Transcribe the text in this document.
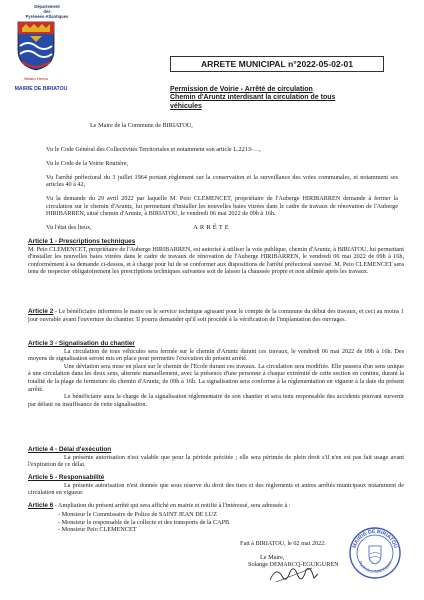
Département
des
Pyrénées-Atlantiques
Biriatu Herria
MAIRIE DE BIRIATOU
ARRETE MUNICIPAL n°2022-05-02-01
Permission de Voirie - Arrêté de circulation
Chemin d'Aruntz interdisant la circulation de tous
véhicules
Le Maire de la Commune de BIRIATOU,

Vu le Code Général des Collectivités Territoriales et notamment son article L.2213-…,

Vu le Code de la Voirie Routière,

Vu l'arrêté préfectoral du 3 juillet 1964 portant règlement sur la conservation et la surveillance des voies communales, et notamment ses articles 40 à 42,

Vu la demande du 29 avril 2022 par laquelle M. Peio CLEMENCET, propriétaire de l'Auberge HIRIBARREN demande à fermer la circulation sur le chemin d'Aruntz, lui permettant d'installer les nouvelles baies vitrées dans le cadre de travaux de rénovation de l'Auberge HIRIBARREN, situé chemin d'Aruntz, à BIRIATOU, le vendredi 06 mai 2022 de 09h à 16h.

Vu l'état des lieux,	ARRÊTE

Article 1 - Prescriptions techniques

M. Peio CLEMENCET, propriétaire de l'Auberge HIRIBARREN, est autorisé à utiliser la voie publique, chemin d'Aruntz, à BIRIATOU, lui permettant d'installer les nouvelles baies vitrées dans le cadre de travaux de rénovation de l'Auberge HIRIBARREN, le vendredi 06 mai 2022 de 09h à 16h, conformément à sa demande ci-dessus, et à charge pour lui de se conformer aux dispositions de l'arrêté préfectoral susvisé. M. Peio CLEMENCET sera tenu de respecter obligatoirement les prescriptions techniques suivantes soit de laisser la chaussée propre et non abîmée après les travaux.

Article 2 - Le bénéficiaire informera le maire ou le service technique agissant pour le compte de la commune du début des travaux, et ceci au moins 1 jour ouvrable avant l'ouverture du chantier. Il pourra demander qu'il soit procédé à la vérification de l'implantation des ouvrages.

Article 3 - Signalisation du chantier

La circulation de tous véhicules sera fermée sur le chemin d'Aruntz durant ces travaux, le vendredi 06 mai 2022 de 09h à 16h. Des moyens de signalisation seront mis en place pour permettre l'exécution du présent arrêté.

Une déviation sera mise en place sur le chemin de l'Ecole durant ces travaux. La circulation sera modifiée. Elle passera d'un sens unique à une circulation dans les deux sens, alternée manuellement, avec la présence d'une personne à chaque extrémité de cette section en continu, durant la totalité de la plage de fermeture du chemin d'Aruntz, de 09h à 16h. La signalisation sera conforme à la réglementation en vigueur à la date du présent arrêté.

Le bénéficiaire aura la charge de la signalisation réglementaire de son chantier et sera tenu responsable des accidents pouvant survenir par défaut ou insuffisance de cette signalisation.

Article 4 - Délai d'exécution

La présente autorisation n'est valable que pour la période précitée ; elle sera périmée de plein droit s'il n'en est pas fait usage avant l'expiration de ce délai.

Article 5 - Responsabilité

La présente autorisation n'est donnée que sous réserve du droit des tiers et des règlements et autres arrêtés municipaux notamment de circulation en vigueur.

Article 6 - Ampliation du présent arrêté qui sera affiché en mairie et notifié à l'intéressé, sera adressée à :

- Monsieur le Commissaire de Police de SAINT JEAN DE LUZ
- Monsieur le responsable de la collecte et des transports de la CAPB.
- Monsieur Peio CLEMENCET
Fait à BIRIATOU, le 02 mai 2022.
Le Maire,
Solange DEMARCQ-EGUIGUREN
MAIRIE DE BIRIATOU
Pyrénées-Atlantiques
